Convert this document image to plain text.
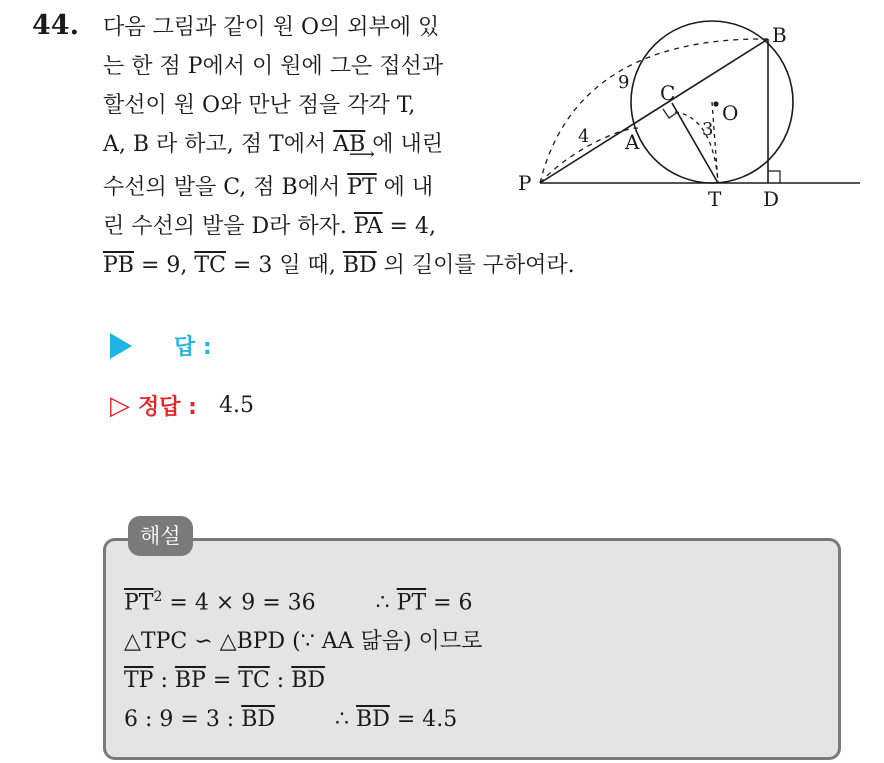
44. 다음 그림과 같이 원 O의 외부에 있
는 한 점 P에서 이 원에 그은 접선과
할선이 원 O와 만난 점을 각각 T,
A, B 라 하고, 점 T에서 $\overline{AB}$ 에 내린
수선의 발을 C, 점 B에서 ⟶ $\overline{PT}$ 에 내
린 수선의 발을 D라 하자. $\overline{PA} = 4$,
$\overline{PB} = 9$, $\overline{TC} = 3$ 일 때, $\overline{BD}$ 의 길이를 구하여라.
P
A
B
C
O
T D
9
4	3
답 :
▷ 정답 : 4.5
해설
$\overline{PT}^2 = 4 \times 9 = 36$	∴ $\overline{PT} = 6$
△TPC ∽ △BPD (∵ AA 닮음) 이므로
$\overline{TP}$ : $\overline{BP} = \overline{TC}$ : $\overline{BD}$
6 : 9 = 3 : $\overline{BD}$	∴ $\overline{BD} = 4.5$
